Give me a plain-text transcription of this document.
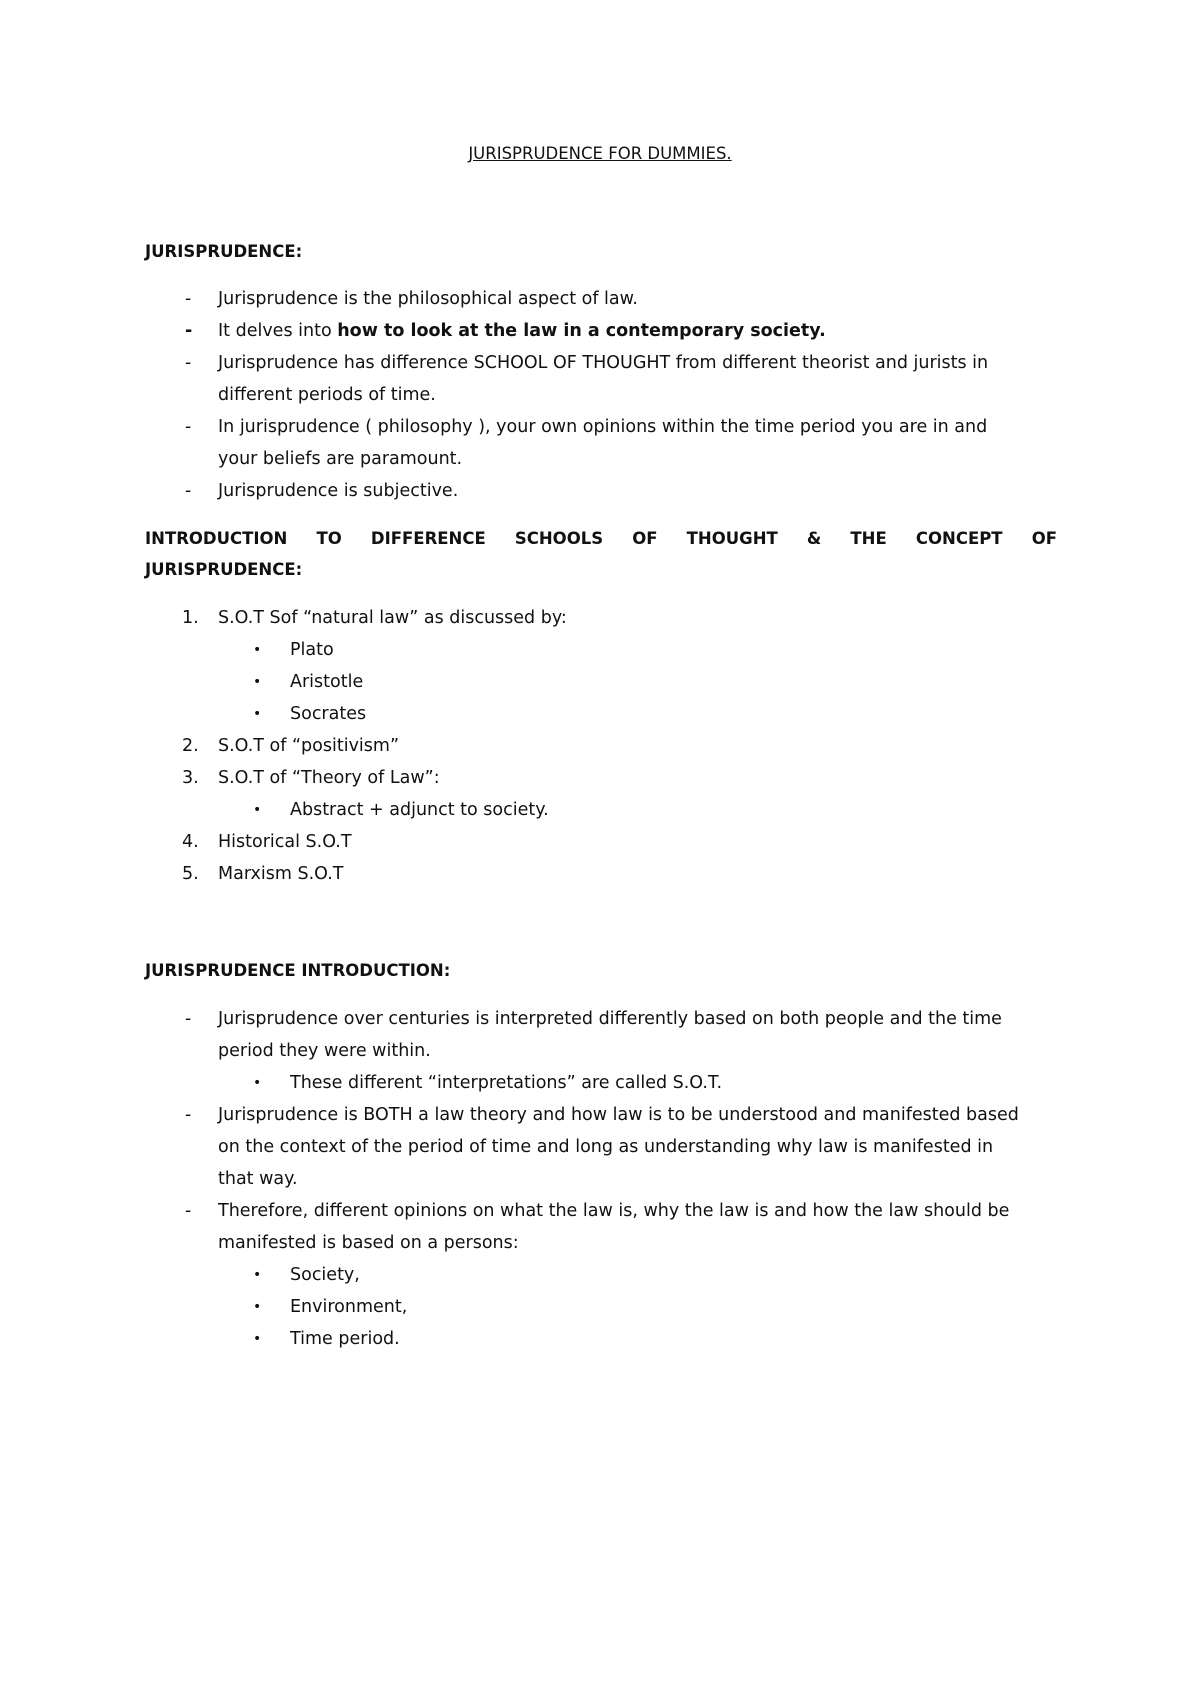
JURISPRUDENCE FOR DUMMIES.
JURISPRUDENCE:
-	Jurisprudence is the philosophical aspect of law.
-	It delves into how to look at the law in a contemporary society.
-	Jurisprudence has difference SCHOOL OF THOUGHT from different theorist and jurists in
different periods of time.
-	In jurisprudence ( philosophy ), your own opinions within the time period you are in and
your beliefs are paramount.
-	Jurisprudence is subjective.
INTRODUCTION TO DIFFERENCE SCHOOLS OF THOUGHT & THE CONCEPT OF
JURISPRUDENCE:
1.	S.O.T Sof “natural law” as discussed by:
•	Plato
•	Aristotle
•	Socrates
2.	S.O.T of “positivism”
3.	S.O.T of “Theory of Law”:
•	Abstract + adjunct to society.
4.	Historical S.O.T
5.	Marxism S.O.T
JURISPRUDENCE INTRODUCTION:
-	Jurisprudence over centuries is interpreted differently based on both people and the time
period they were within.
•	These different “interpretations” are called S.O.T.
-	Jurisprudence is BOTH a law theory and how law is to be understood and manifested based
on the context of the period of time and long as understanding why law is manifested in
that way.
-	Therefore, different opinions on what the law is, why the law is and how the law should be
manifested is based on a persons:
•	Society,
•	Environment,
•	Time period.
